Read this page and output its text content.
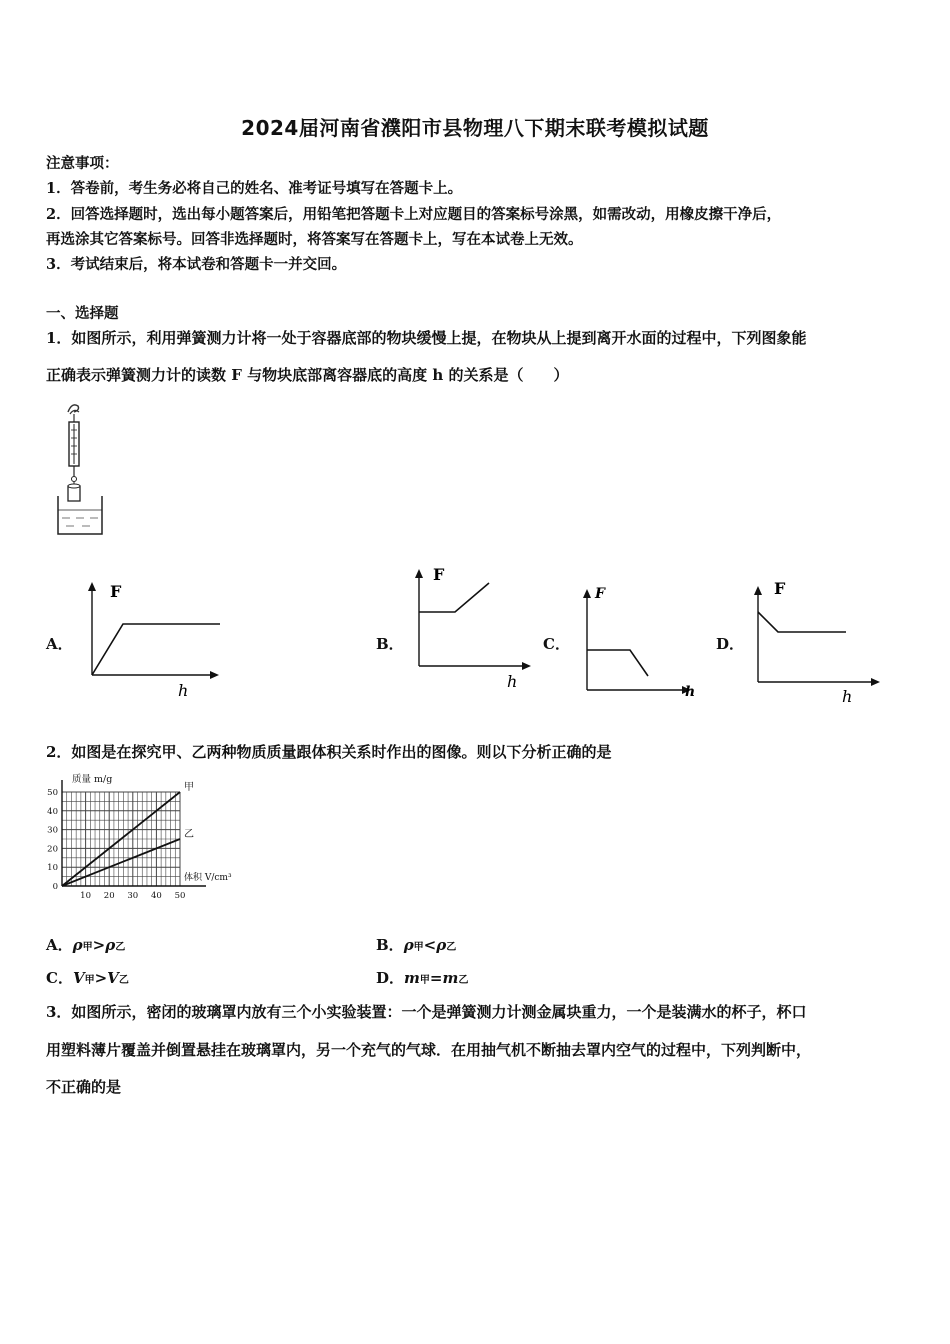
2024届河南省濮阳市县物理八下期末联考模拟试题
注意事项：
1．答卷前，考生务必将自己的姓名、准考证号填写在答题卡上。
2．回答选择题时，选出每小题答案后，用铅笔把答题卡上对应题目的答案标号涂黑，如需改动，用橡皮擦干净后，
再选涂其它答案标号。回答非选择题时，将答案写在答题卡上，写在本试卷上无效。
3．考试结束后，将本试卷和答题卡一并交回。
一、选择题
1．如图所示，利用弹簧测力计将一处于容器底部的物块缓慢上提，在物块从上提到离开水面的过程中，下列图象能
正确表示弹簧测力计的读数 F 与物块底部离容器底的高度 h 的关系是（　　）
A．
F
h
B．
F
h
C．
F
h
D．
F
h
2．如图是在探究甲、乙两种物质质量跟体积关系时作出的图像。则以下分析正确的是
0
10
20
30
40
50
10 20 30 40 50
质量 m/g
体积 V/cm³
甲
乙
A．ρ甲>ρ乙	B．ρ甲<ρ乙
C．V甲>V乙	D．m甲=m乙
3．如图所示，密闭的玻璃罩内放有三个小实验装置：一个是弹簧测力计测金属块重力，一个是装满水的杯子，杯口
用塑料薄片覆盖并倒置悬挂在玻璃罩内，另一个充气的气球．在用抽气机不断抽去罩内空气的过程中，下列判断中，
不正确的是
